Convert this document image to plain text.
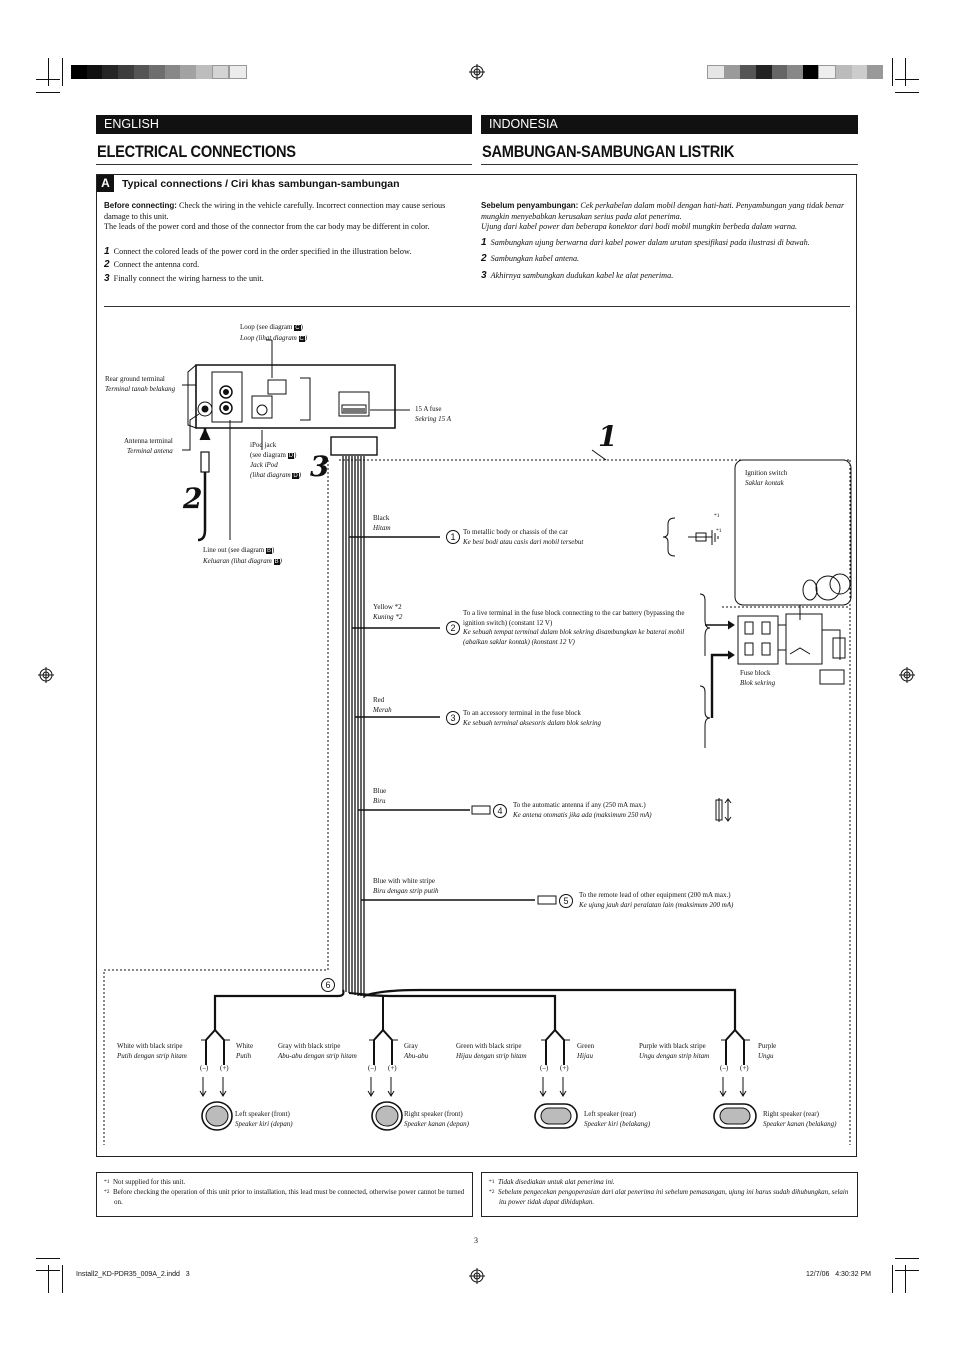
ENGLISH	INDONESIA
ELECTRICAL CONNECTIONS	SAMBUNGAN-SAMBUNGAN LISTRIK
A	Typical connections / Ciri khas sambungan-sambungan
Before connecting: Check the wiring in the vehicle carefully. Incorrect connection may cause serious damage to this unit.
The leads of the power cord and those of the connector from the car body may be different in color.
1 Connect the colored leads of the power cord in the order specified in the illustration below.
2 Connect the antenna cord.
3 Finally connect the wiring harness to the unit.
Sebelum penyambungan: Cek perkabelan dalam mobil dengan hati-hati. Penyambungan yang tidak benar mungkin menyebabkan kerusakan serius pada alat penerima.
Ujung dari kabel power dan beberapa konektor dari bodi mobil mungkin berbeda dalam warna.
1 Sambungkan ujung berwarna dari kabel power dalam urutan spesifikasi pada ilustrasi di bawah.
2 Sambungkan kabel antena.
3 Akhirnya sambungkan dudukan kabel ke alat penerima.
1
2
3
Loop (see diagram C)
Loop (lihat diagram C)
Rear ground terminal
Terminal tanah belakang
15 A fuse
Sekring 15 A
Antenna terminal
Terminal antena
iPod jack
(see diagram D)
Jack iPod
(lihat diagram D)
Line out (see diagram B)
Keluaran (lihat diagram B)
Ignition switch
Saklar kontak
Fuse block
Blok sekring
*1
*1
Black
Hitam
1	To metallic body or chassis of the car
Ke besi bodi atau casis dari mobil tersebut
Yellow *2
Kuning *2
2
To a live terminal in the fuse block connecting to the car battery (bypassing the ignition switch) (constant 12 V)
Ke sebuah tempat terminal dalam blok sekring disambungkan ke baterai mobil (abaikan saklar kontak) (konstant 12 V)
Red
Merah
3	To an accessory terminal in the fuse block
Ke sebuah terminal aksesoris dalam blok sekring
Blue
Biru
4
To the automatic antenna if any (250 mA max.)
Ke antena otomatis jika ada (maksimum 250 mA)
Blue with white stripe
Biru dengan strip putih
5
To the remote lead of other equipment (200 mA max.)
Ke ujung jauh dari peralatan lain (maksimum 200 mA)
6
White with black stripe
Putih dengan strip hitam
White
Putih
Left speaker (front)
Speaker kiri (depan)
Gray with black stripe
Abu-abu dengan strip hitam
Gray
Abu-abu
Right speaker (front)
Speaker kanan (depan)
Green with black stripe
Hijau dengan strip hitam
Green
Hijau
Left speaker (rear)
Speaker kiri (belakang)
Purple with black stripe
Ungu dengan strip hitam
Purple
Ungu
Right speaker (rear)
Speaker kanan (belakang)
(–) (+)	(–) (+)	(–) (+)	(–) (+)
$^{*1}$ Not supplied for this unit.
$^{*2}$ Before checking the operation of this unit prior to installation, this lead must be connected, otherwise power cannot be turned on.
$^{*1}$ Tidak disediakan untuk alat penerima ini.
$^{*2}$ Sebelum pengecekan pengoperasian dari alat penerima ini sebelum pemasangan, ujung ini harus sudah dihubungkan, selain itu power tidak dapat dihidupkan.
3
Install2_KD-PDR35_009A_2.indd   3	12/7/06   4:30:32 PM
